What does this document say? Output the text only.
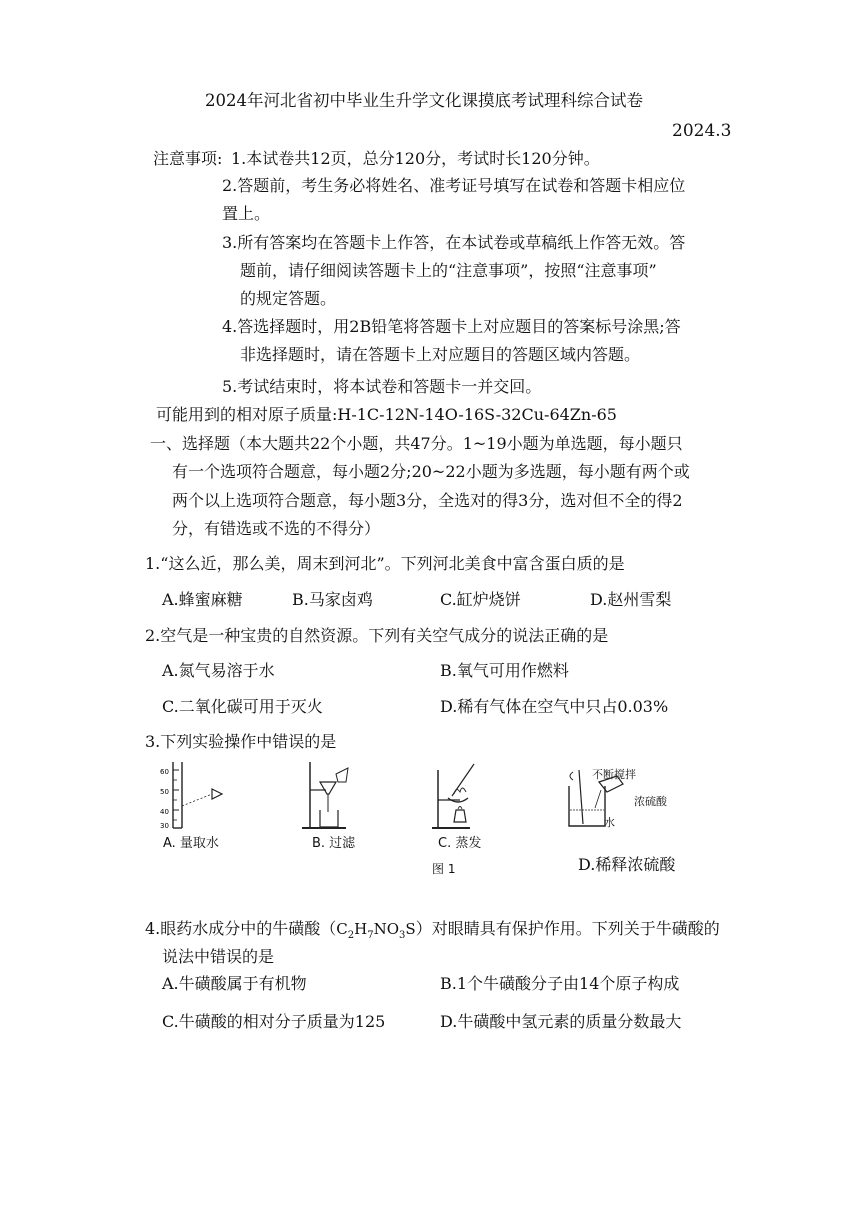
2024年河北省初中毕业生升学文化课摸底考试理科综合试卷
2024.3
注意事项: 1.本试卷共12页，总分120分，考试时长120分钟。
2.答题前，考生务必将姓名、准考证号填写在试卷和答题卡相应位
置上。
3.所有答案均在答题卡上作答，在本试卷或草稿纸上作答无效。答
题前，请仔细阅读答题卡上的“注意事项”，按照“注意事项”
的规定答题。
4.答选择题时，用2B铅笔将答题卡上对应题目的答案标号涂黑;答
非选择题时，请在答题卡上对应题目的答题区域内答题。
5.考试结束时，将本试卷和答题卡一并交回。
可能用到的相对原子质量:H-1C-12N-14O-16S-32Cu-64Zn-65
一、选择题（本大题共22个小题，共47分。1~19小题为单选题，每小题只
有一个选项符合题意，每小题2分;20~22小题为多选题，每小题有两个或
两个以上选项符合题意，每小题3分，全选对的得3分，选对但不全的得2
分，有错选或不选的不得分）
1.“这么近，那么美，周末到河北”。下列河北美食中富含蛋白质的是
A.蜂蜜麻糖	B.马家卤鸡	C.缸炉烧饼	D.赵州雪梨
2.空气是一种宝贵的自然资源。下列有关空气成分的说法正确的是
A.氮气易溶于水	B.氧气可用作燃料
C.二氧化碳可用于灭火	D.稀有气体在空气中只占0.03%
3.下列实验操作中错误的是
60
50
40
30
A. 量取水	B. 过滤	C. 蒸发
图 1
不断搅拌
浓硫酸
水
D.稀释浓硫酸
4.眼药水成分中的牛磺酸$(C_2H_7NO_3S)$对眼睛具有保护作用。下列关于牛磺酸的
说法中错误的是
A.牛磺酸属于有机物	B.1个牛磺酸分子由14个原子构成
C.牛磺酸的相对分子质量为125	D.牛磺酸中氢元素的质量分数最大
